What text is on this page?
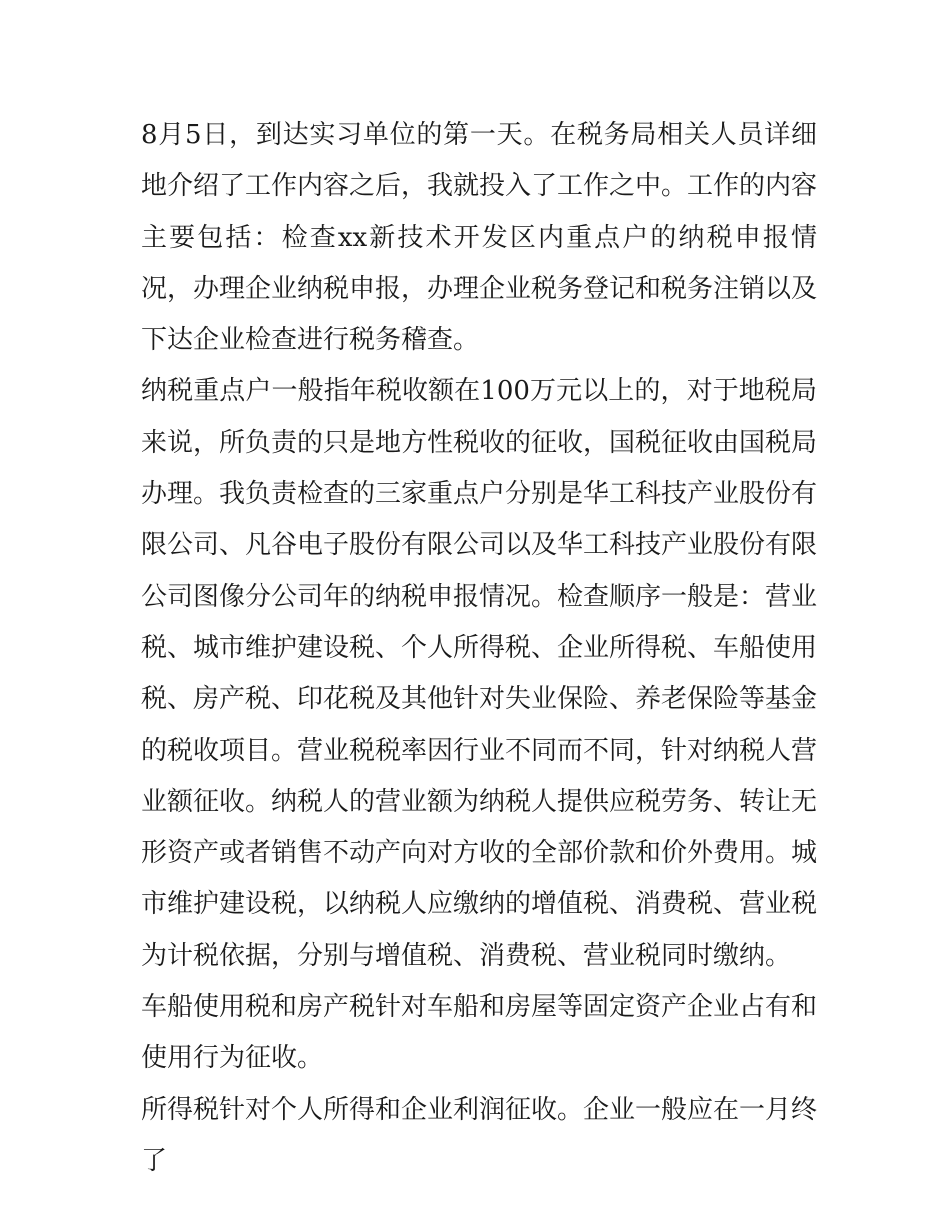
8月5日，到达实习单位的第一天。在税务局相关人员详细地介绍了工作内容之后，我就投入了工作之中。工作的内容主要包括：检查xx新技术开发区内重点户的纳税申报情况，办理企业纳税申报，办理企业税务登记和税务注销以及下达企业检查进行税务稽查。

纳税重点户一般指年税收额在100万元以上的，对于地税局来说，所负责的只是地方性税收的征收，国税征收由国税局办理。我负责检查的三家重点户分别是华工科技产业股份有限公司、凡谷电子股份有限公司以及华工科技产业股份有限公司图像分公司年的纳税申报情况。检查顺序一般是：营业税、城市维护建设税、个人所得税、企业所得税、车船使用税、房产税、印花税及其他针对失业保险、养老保险等基金的税收项目。营业税税率因行业不同而不同，针对纳税人营业额征收。纳税人的营业额为纳税人提供应税劳务、转让无形资产或者销售不动产向对方收的全部价款和价外费用。城市维护建设税，以纳税人应缴纳的增值税、消费税、营业税为计税依据，分别与增值税、消费税、营业税同时缴纳。

车船使用税和房产税针对车船和房屋等固定资产企业占有和使用行为征收。

所得税针对个人所得和企业利润征收。企业一般应在一月终了
